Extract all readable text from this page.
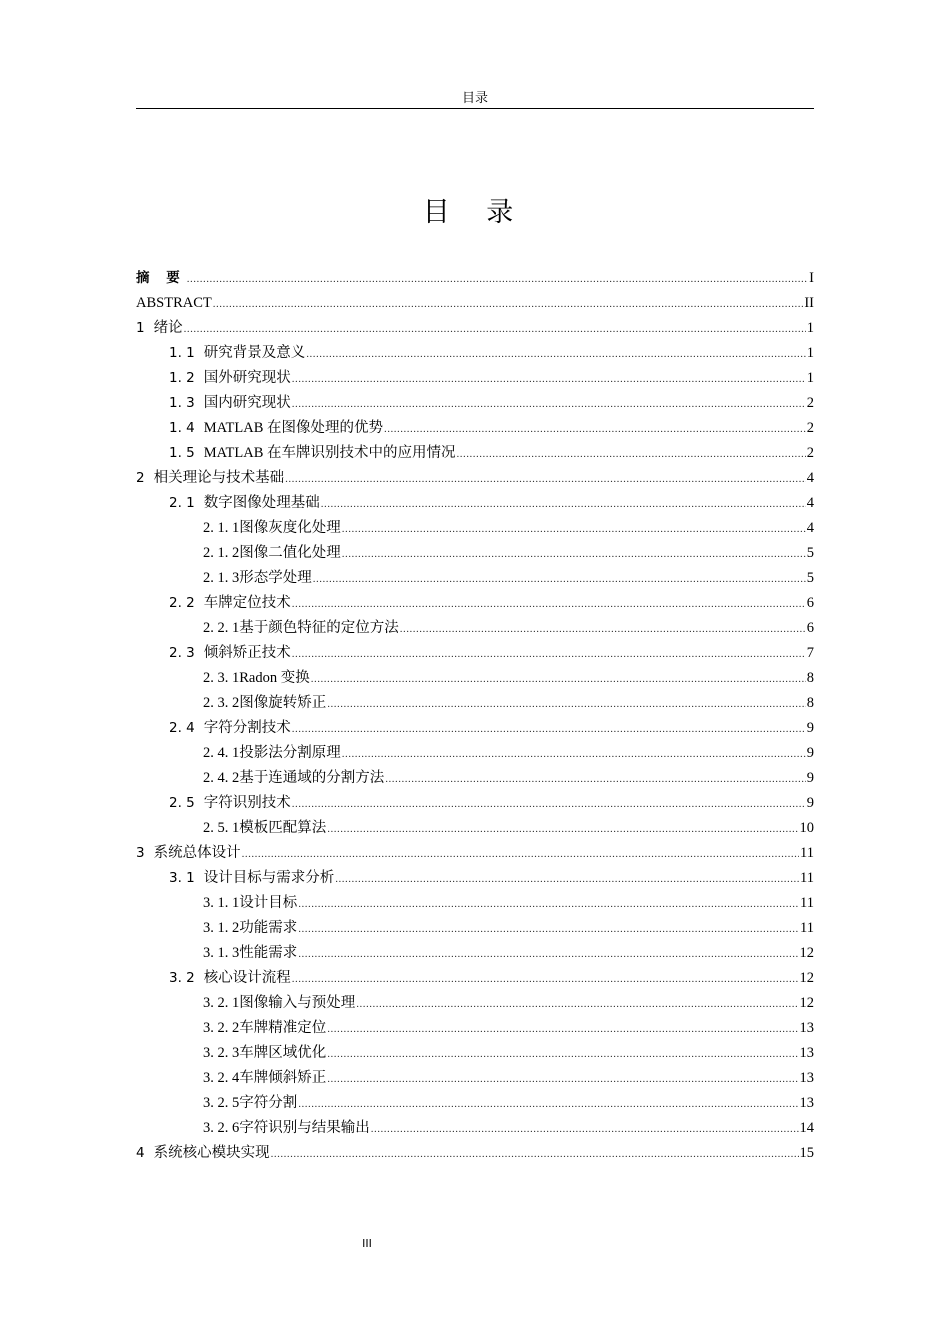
目录
目 录
摘 要 .....	I
ABSTRACT .....	II
1 绪论 .....	1
1. 1 研究背景及意义 .....	1
1. 2 国外研究现状 .....	1
1. 3 国内研究现状 .....	2
1. 4 MATLAB 在图像处理的优势 .....	2
1. 5 MATLAB 在车牌识别技术中的应用情况 .....	2
2 相关理论与技术基础 .....	4
2. 1 数字图像处理基础 .....	4
2. 1. 1 图像灰度化处理 .....	4
2. 1. 2 图像二值化处理 .....	5
2. 1. 3 形态学处理 .....	5
2. 2 车牌定位技术 .....	6
2. 2. 1 基于颜色特征的定位方法 .....	6
2. 3 倾斜矫正技术 .....	7
2. 3. 1 Radon 变换 .....	8
2. 3. 2 图像旋转矫正 .....	8
2. 4 字符分割技术 .....	9
2. 4. 1 投影法分割原理 .....	9
2. 4. 2 基于连通域的分割方法 .....	9
2. 5 字符识别技术 .....	9
2. 5. 1 模板匹配算法 .....	10
3 系统总体设计 .....	11
3. 1 设计目标与需求分析 .....	11
3. 1. 1 设计目标 .....	11
3. 1. 2 功能需求 .....	11
3. 1. 3 性能需求 .....	12
3. 2 核心设计流程 .....	12
3. 2. 1 图像输入与预处理 .....	12
3. 2. 2 车牌精准定位 .....	13
3. 2. 3 车牌区域优化 .....	13
3. 2. 4 车牌倾斜矫正 .....	13
3. 2. 5 字符分割 .....	13
3. 2. 6 字符识别与结果输出 .....	14
4 系统核心模块实现 .....	15
III
